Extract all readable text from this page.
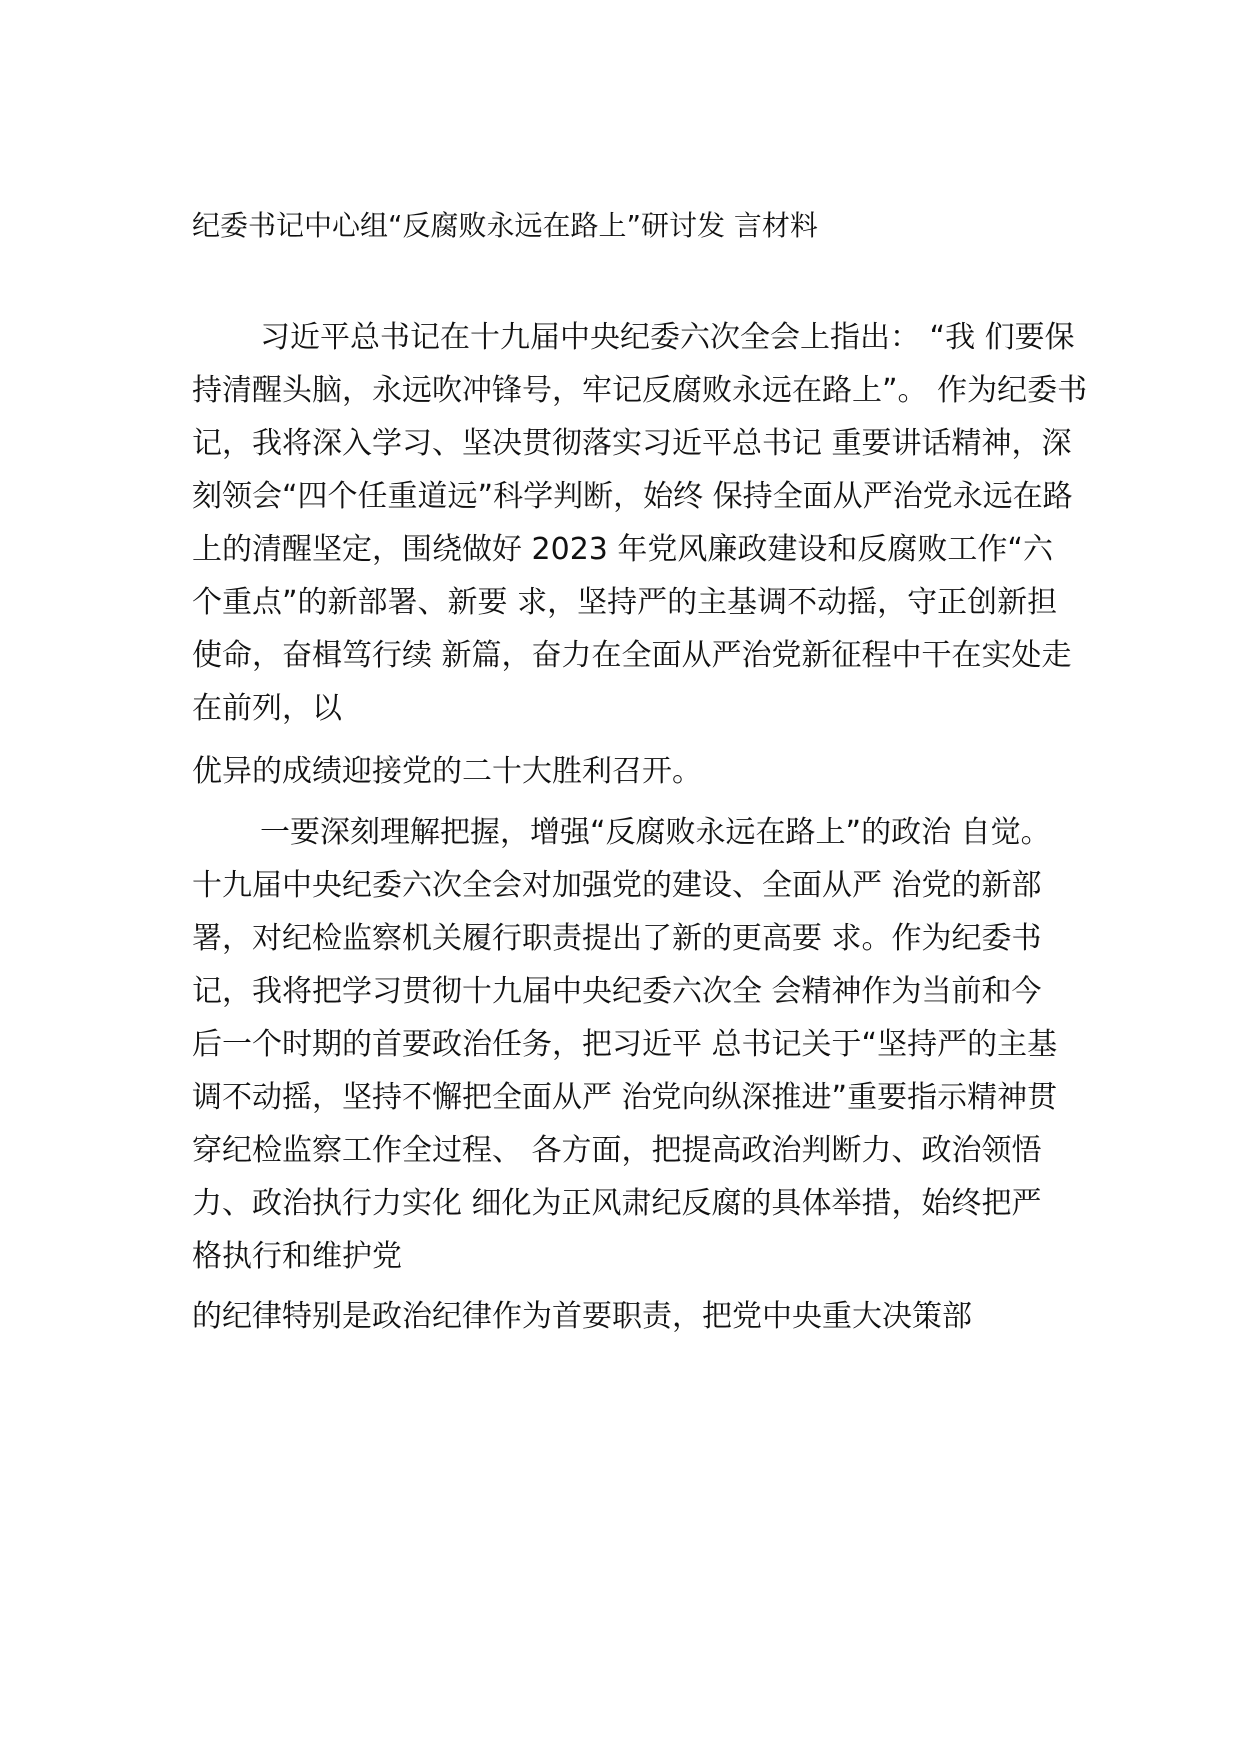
纪委书记中心组“反腐败永远在路上”研讨发 言材料
习近平总书记在十九届中央纪委六次全会上指出： “我 们要保
持清醒头脑，永远吹冲锋号，牢记反腐败永远在路上”。 作为纪委书
记，我将深入学习、坚决贯彻落实习近平总书记 重要讲话精神，深
刻领会“四个任重道远”科学判断，始终 保持全面从严治党永远在路
上的清醒坚定，围绕做好 2023 年党风廉政建设和反腐败工作“六
个重点”的新部署、新要 求，坚持严的主基调不动摇，守正创新担
使命，奋楫笃行续 新篇，奋力在全面从严治党新征程中干在实处走
在前列，以
优异的成绩迎接党的二十大胜利召开。
一要深刻理解把握，增强“反腐败永远在路上”的政治 自觉。
十九届中央纪委六次全会对加强党的建设、全面从严 治党的新部
署，对纪检监察机关履行职责提出了新的更高要 求。作为纪委书
记，我将把学习贯彻十九届中央纪委六次全 会精神作为当前和今
后一个时期的首要政治任务，把习近平 总书记关于“坚持严的主基
调不动摇，坚持不懈把全面从严 治党向纵深推进”重要指示精神贯
穿纪检监察工作全过程、 各方面，把提高政治判断力、政治领悟
力、政治执行力实化 细化为正风肃纪反腐的具体举措，始终把严
格执行和维护党
的纪律特别是政治纪律作为首要职责，把党中央重大决策部
